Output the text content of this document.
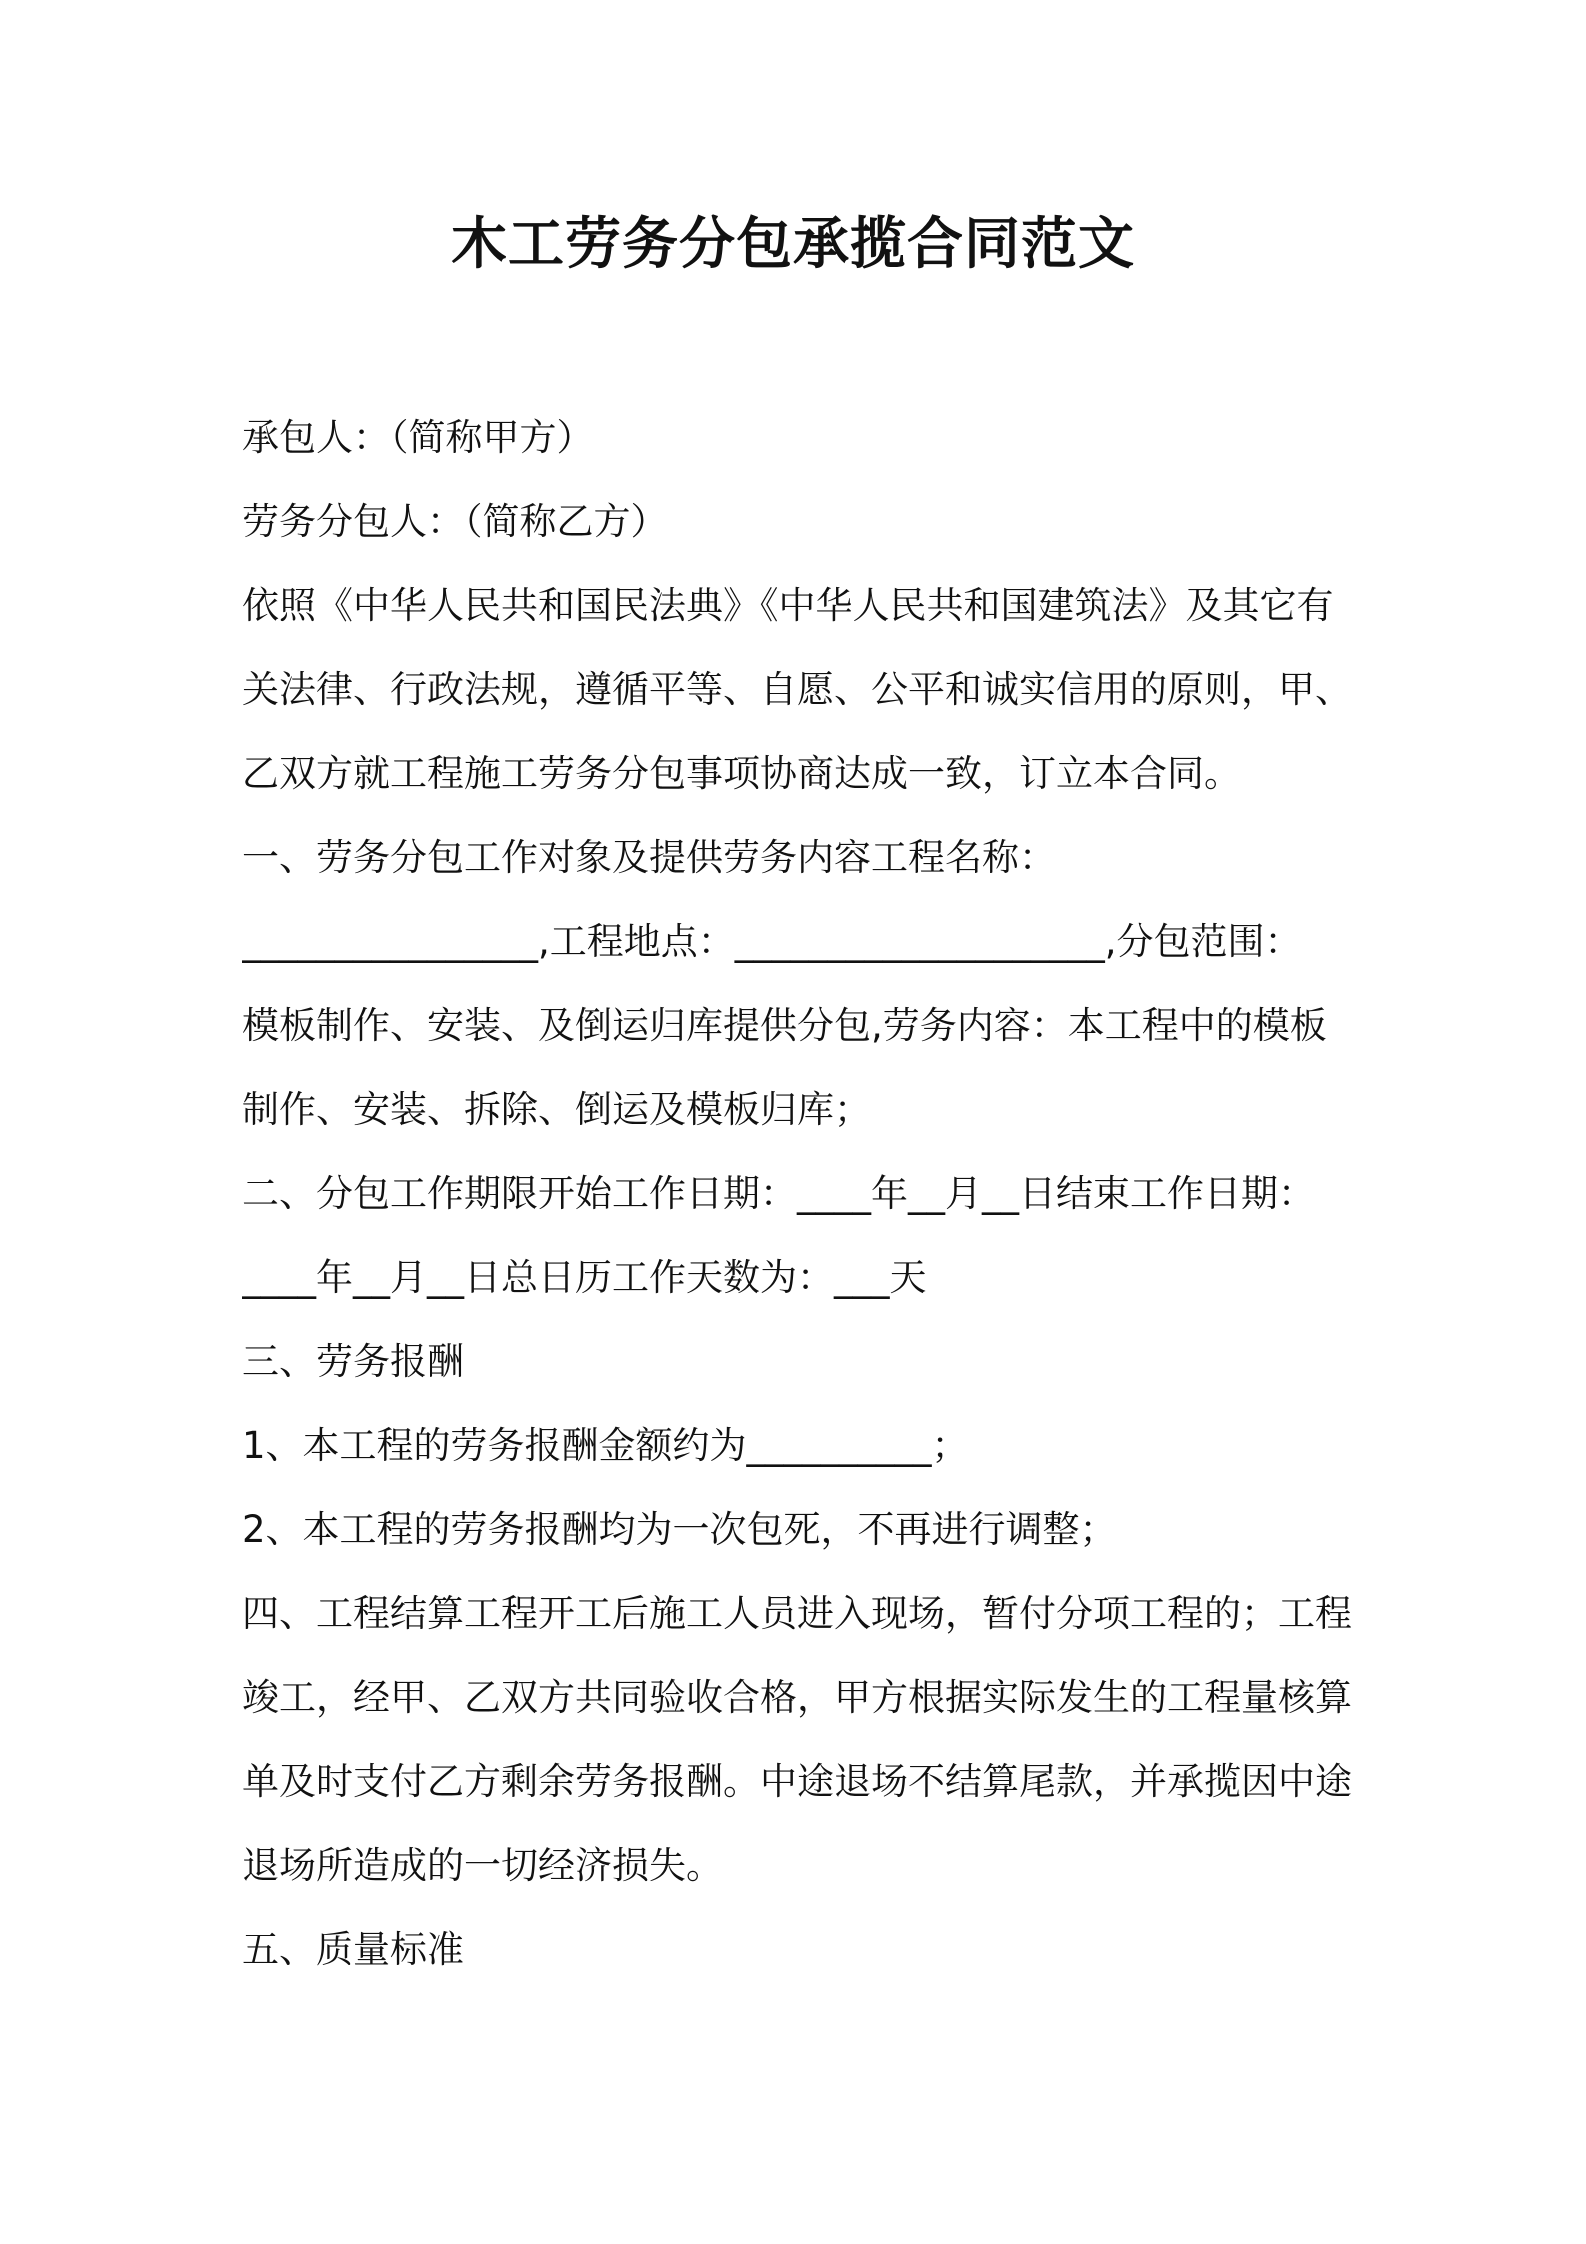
木工劳务分包承揽合同范文

承包人：（简称甲方）

劳务分包人：（简称乙方）

依照《中华人民共和国民法典》《中华人民共和国建筑法》及其它有

关法律、行政法规，遵循平等、自愿、公平和诚实信用的原则，甲、

乙双方就工程施工劳务分包事项协商达成一致，订立本合同。

一、劳务分包工作对象及提供劳务内容工程名称：

________________,工程地点：____________________,分包范围：

模板制作、安装、及倒运归库提供分包,劳务内容：本工程中的模板

制作、安装、拆除、倒运及模板归库；

二、分包工作期限开始工作日期：____年__月__日结束工作日期：

____年__月__日总日历工作天数为：___天

三、劳务报酬

1、本工程的劳务报酬金额约为__________；

2、本工程的劳务报酬均为一次包死，不再进行调整；

四、工程结算工程开工后施工人员进入现场，暂付分项工程的；工程

竣工，经甲、乙双方共同验收合格，甲方根据实际发生的工程量核算

单及时支付乙方剩余劳务报酬。中途退场不结算尾款，并承揽因中途

退场所造成的一切经济损失。

五、质量标准
